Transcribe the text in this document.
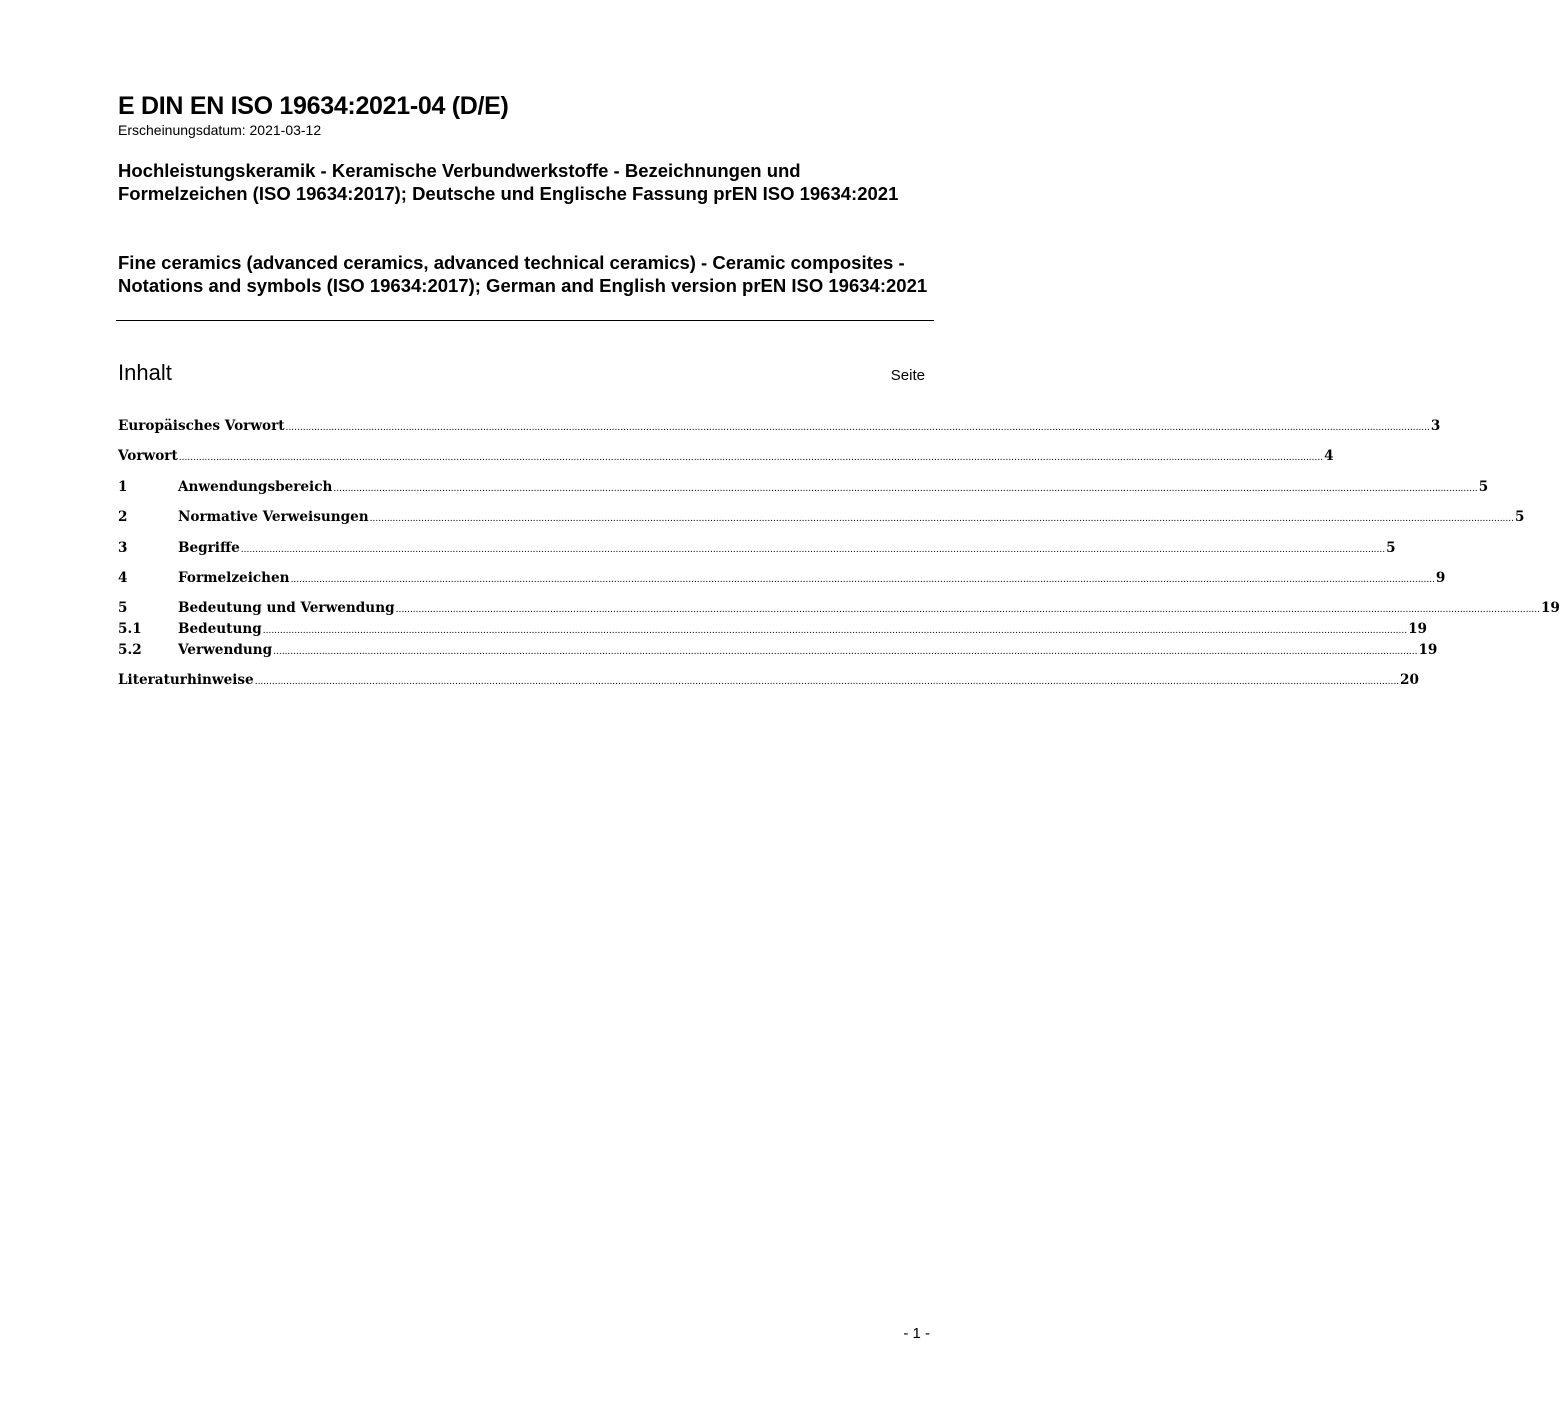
E DIN EN ISO 19634:2021-04 (D/E)
Erscheinungsdatum: 2021-03-12
Hochleistungskeramik - Keramische Verbundwerkstoffe - Bezeichnungen und Formelzeichen (ISO 19634:2017); Deutsche und Englische Fassung prEN ISO 19634:2021
Fine ceramics (advanced ceramics, advanced technical ceramics) - Ceramic composites - Notations and symbols (ISO 19634:2017); German and English version prEN ISO 19634:2021
Inhalt	Seite
Europäisches Vorwort ................................................................................................................................................................................................................................................................................................................................................................................................................ 3
Vorwort ................................................................................................................................................................................................................................................................................................................................................................................................................ 4
1	Anwendungsbereich ................................................................................................................................................................................................................................................................................................................................................................................................................ 5
2	Normative Verweisungen ................................................................................................................................................................................................................................................................................................................................................................................................................ 5
3	Begriffe ................................................................................................................................................................................................................................................................................................................................................................................................................ 5
4	Formelzeichen ................................................................................................................................................................................................................................................................................................................................................................................................................ 9
5	Bedeutung und Verwendung ................................................................................................................................................................................................................................................................................................................................................................................................................ 19
5.1	Bedeutung ................................................................................................................................................................................................................................................................................................................................................................................................................ 19
5.2	Verwendung ................................................................................................................................................................................................................................................................................................................................................................................................................ 19
Literaturhinweise ................................................................................................................................................................................................................................................................................................................................................................................................................ 20
- 1 -
